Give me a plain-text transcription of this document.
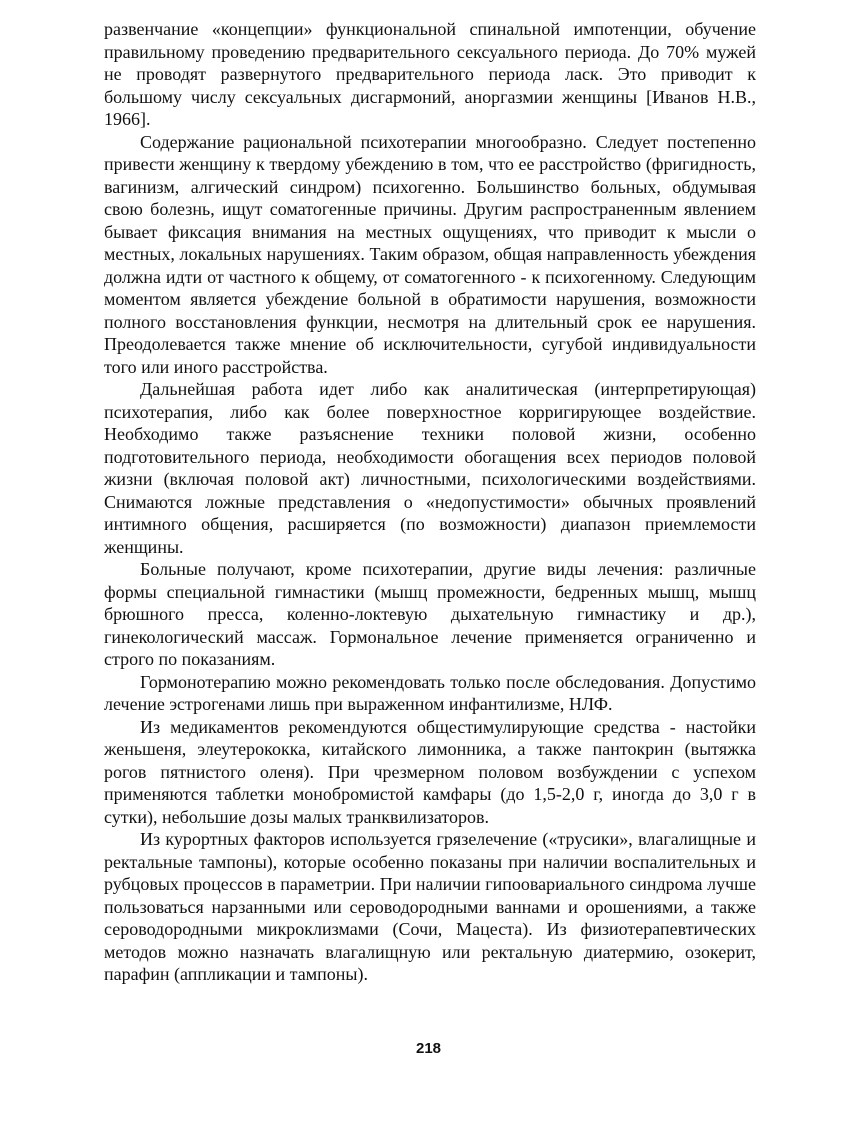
развенчание «концепции» функциональной спинальной импотенции, обучение правильному проведению предварительного сексуального периода. До 70% мужей не проводят развернутого предварительного периода ласк. Это приводит к большому числу сексуальных дисгармоний, аноргазмии женщины [Иванов Н.В., 1966].

Содержание рациональной психотерапии многообразно. Следует постепенно привести женщину к твердому убеждению в том, что ее расстройство (фригидность, вагинизм, алгический синдром) психогенно. Большинство больных, обдумывая свою болезнь, ищут соматогенные причины. Другим распространенным явлением бывает фиксация внимания на местных ощущениях, что приводит к мысли о местных, локальных нарушениях. Таким образом, общая направленность убеждения должна идти от частного к общему, от соматогенного - к психогенному. Следующим моментом является убеждение больной в обратимости нарушения, возможности полного восстановления функции, несмотря на длительный срок ее нарушения. Преодолевается также мнение об исключительности, сугубой индивидуальности того или иного расстройства.

Дальнейшая работа идет либо как аналитическая (интерпретирующая) психотерапия, либо как более поверхностное корригирующее воздействие. Необходимо также разъяснение техники половой жизни, особенно подготовительного периода, необходимости обогащения всех периодов половой жизни (включая половой акт) личностными, психологическими воздействиями. Снимаются ложные представления о «недопустимости» обычных проявлений интимного общения, расширяется (по возможности) диапазон приемлемости женщины.

Больные получают, кроме психотерапии, другие виды лечения: различные формы специальной гимнастики (мышц промежности, бедренных мышц, мышц брюшного пресса, коленно-локтевую дыхательную гимнастику и др.), гинекологический массаж. Гормональное лечение применяется ограниченно и строго по показаниям.

Гормонотерапию можно рекомендовать только после обследования. Допустимо лечение эстрогенами лишь при выраженном инфантилизме, НЛФ.

Из медикаментов рекомендуются общестимулирующие средства - настойки женьшеня, элеутерококка, китайского лимонника, а также пантокрин (вытяжка рогов пятнистого оленя). При чрезмерном половом возбуждении с успехом применяются таблетки монобромистой камфары (до 1,5-2,0 г, иногда до 3,0 г в сутки), небольшие дозы малых транквилизаторов.

Из курортных факторов используется грязелечение («трусики», влагалищные и ректальные тампоны), которые особенно показаны при наличии воспалительных и рубцовых процессов в параметрии. При наличии гипоовариального синдрома лучше пользоваться нарзанными или сероводородными ваннами и орошениями, а также сероводородными микроклизмами (Сочи, Мацеста). Из физиотерапевтических методов можно назначать влагалищную или ректальную диатермию, озокерит, парафин (аппликации и тампоны).

218
